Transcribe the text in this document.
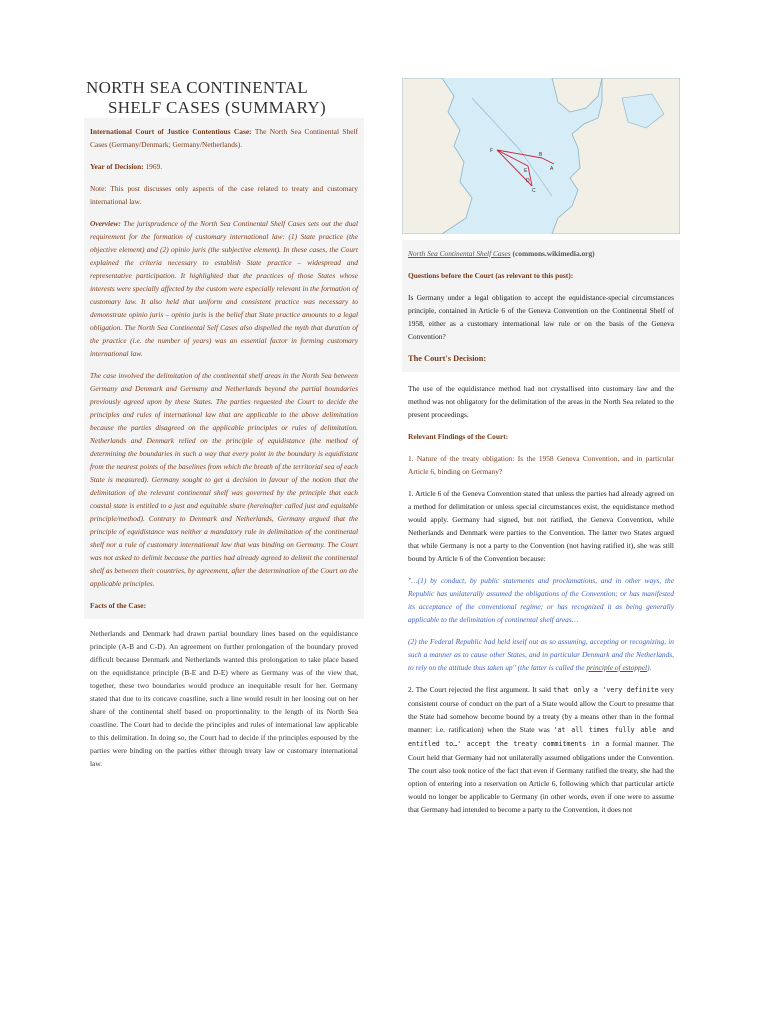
NORTH SEA CONTINENTAL
SHELF CASES (SUMMARY)

International Court of Justice Contentious Case: The North Sea Continental Shelf Cases (Germany/Denmark; Germany/Netherlands).

Year of Decision: 1969.

Note: This post discusses only aspects of the case related to treaty and customary international law.

Overview: The jurisprudence of the North Sea Continental Shelf Cases sets out the dual requirement for the formation of customary international law: (1) State practice (the objective element) and (2) opinio juris (the subjective element). In these cases, the Court explained the criteria necessary to establish State practice – widespread and representative participation. It highlighted that the practices of those States whose interests were specially affected by the custom were especially relevant in the formation of customary law. It also held that uniform and consistent practice was necessary to demonstrate opinio juris – opinio juris is the belief that State practice amounts to a legal obligation. The North Sea Continental Self Cases also dispelled the myth that duration of the practice (i.e. the number of years) was an essential factor in forming customary international law.

The case involved the delimitation of the continental shelf areas in the North Sea between Germany and Denmark and Germany and Netherlands beyond the partial boundaries previously agreed upon by these States. The parties requested the Court to decide the principles and rules of international law that are applicable to the above delimitation because the parties disagreed on the applicable principles or rules of delimitation. Netherlands and Denmark relied on the principle of equidistance (the method of determining the boundaries in such a way that every point in the boundary is equidistant from the nearest points of the baselines from which the breath of the territorial sea of each State is measured). Germany sought to get a decision in favour of the notion that the delimitation of the relevant continental shelf was governed by the principle that each coastal state is entitled to a just and equitable share (hereinafter called just and equitable principle/method). Contrary to Denmark and Netherlands, Germany argued that the principle of equidistance was neither a mandatory rule in delimitation of the continental shelf nor a rule of customary international law that was binding on Germany. The Court was not asked to delimit because the parties had already agreed to delimit the continental shelf as between their countries, by agreement, after the determination of the Court on the applicable principles.

Facts of the Case:

Netherlands and Denmark had drawn partial boundary lines based on the equidistance principle (A-B and C-D). An agreement on further prolongation of the boundary proved difficult because Denmark and Netherlands wanted this prolongation to take place based on the equidistance principle (B-E and D-E) where as Germany was of the view that, together, these two boundaries would produce an inequitable result for her. Germany stated that due to its concave coastline, such a line would result in her loosing out on her share of the continental shelf based on proportionality to the length of its North Sea coastline. The Court had to decide the principles and rules of international law applicable to this delimitation. In doing so, the Court had to decide if the principles espoused by the parties were binding on the parties either through treaty law or customary international law.

F
B
E	A
D
C

North Sea Continental Shelf Cases (commons.wikimedia.org)

Questions before the Court (as relevant to this post):

Is Germany under a legal obligation to accept the equidistance-special circumstances principle, contained in Article 6 of the Geneva Convention on the Continental Shelf of 1958, either as a customary international law rule or on the basis of the Geneva Convention?

The Court's Decision:

The use of the equidistance method had not crystallised into customary law and the method was not obligatory for the delimitation of the areas in the North Sea related to the present proceedings.

Relevant Findings of the Court:

1. Nature of the treaty obligation: Is the 1958 Geneva Convention, and in particular Article 6, binding on Germany?

1. Article 6 of the Geneva Convention stated that unless the parties had already agreed on a method for delimitation or unless special circumstances exist, the equidistance method would apply. Germany had signed, but not ratified, the Geneva Convention, while Netherlands and Denmark were parties to the Convention. The latter two States argued that while Germany is not a party to the Convention (not having ratified it), she was still bound by Article 6 of the Convention because:

"…(1) by conduct, by public statements and proclamations, and in other ways, the Republic has unilaterally assumed the obligations of the Convention; or has manifested its acceptance of the conventional regime; or has recognized it as being generally applicable to the delimitation of continental shelf areas…

(2) the Federal Republic had held itself out as so assuming, accepting or recognizing, in such a manner as to cause other States, and in particular Denmark and the Netherlands, to rely on the attitude thus taken up" (the latter is called the principle of estoppel).

2. The Court rejected the first argument. It said that only a 'very definite very consistent course of conduct on the part of a State would allow the Court to presume that the State had somehow become bound by a treaty (by a means other than in the formal manner: i.e. ratification) when the State was 'at all times fully able and entitled to…' accept the treaty commitments in a formal manner. The Court held that Germany had not unilaterally assumed obligations under the Convention. The court also took notice of the fact that even if Germany ratified the treaty, she had the option of entering into a reservation on Article 6, following which that particular article would no longer be applicable to Germany (in other words, even if one were to assume that Germany had intended to become a party to the Convention, it does not
